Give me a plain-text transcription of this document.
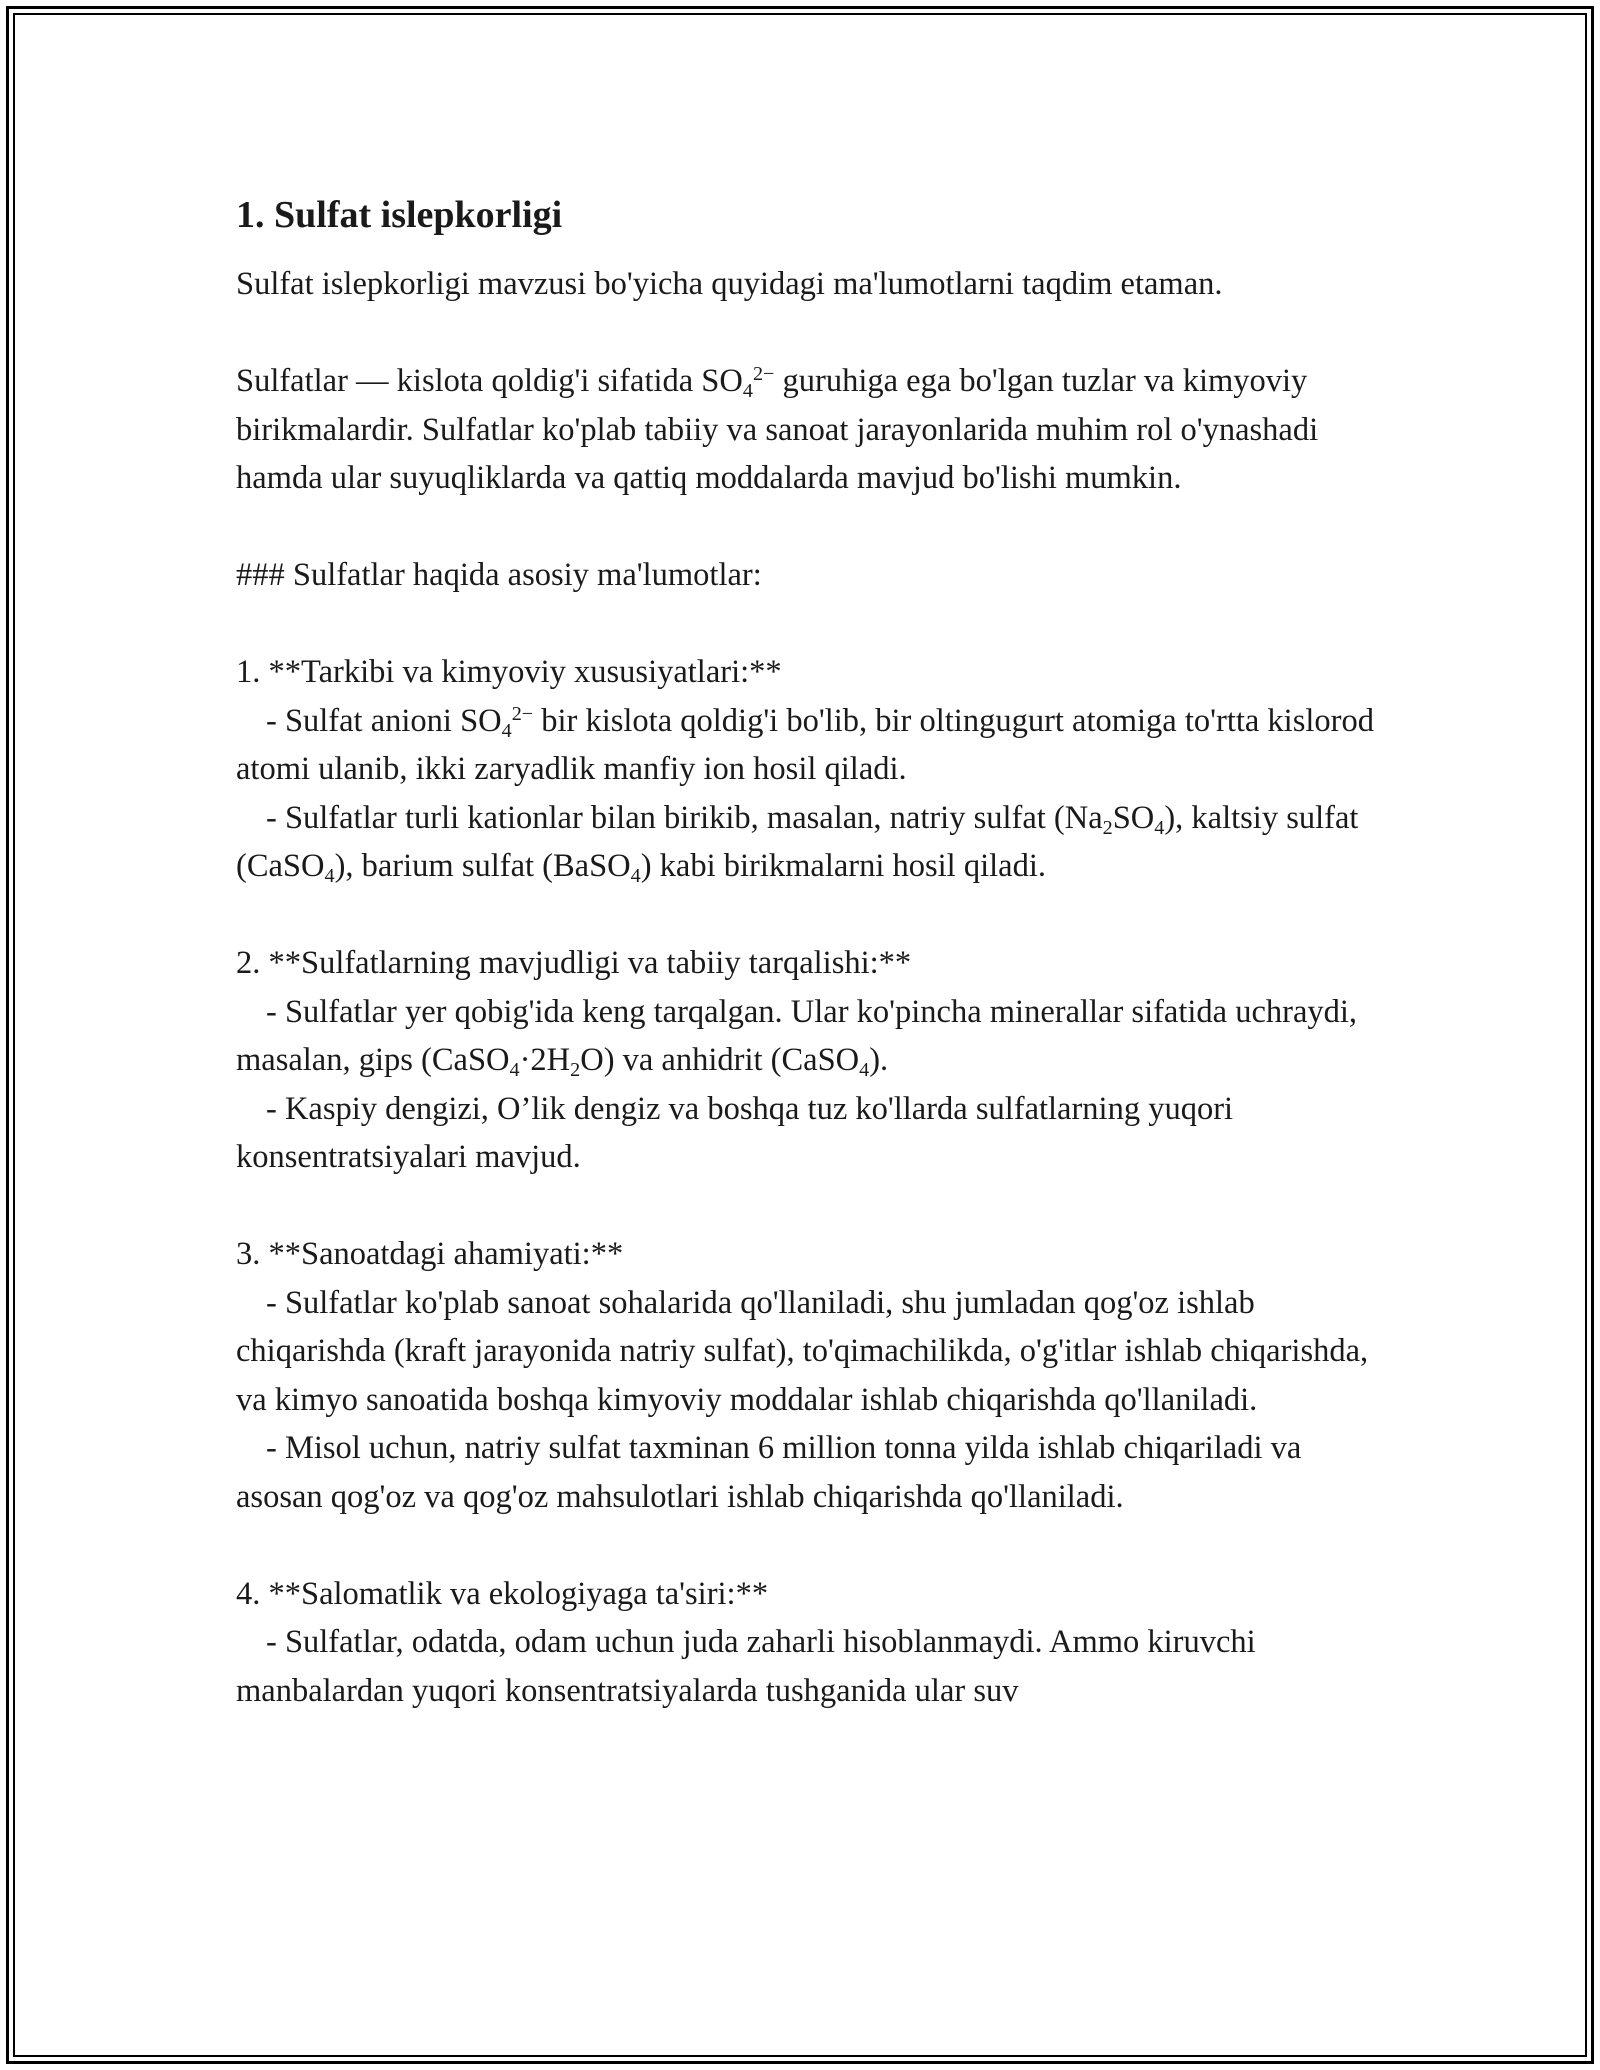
1. Sulfat islepkorligi

Sulfat islepkorligi mavzusi bo'yicha quyidagi ma'lumotlarni taqdim etaman.

Sulfatlar — kislota qoldig'i sifatida $SO_4^{2-}$ guruhiga ega bo'lgan tuzlar va kimyoviy birikmalardir. Sulfatlar ko'plab tabiiy va sanoat jarayonlarida muhim rol o'ynashadi hamda ular suyuqliklarda va qattiq moddalarda mavjud bo'lishi mumkin.

### Sulfatlar haqida asosiy ma'lumotlar:

1. **Tarkibi va kimyoviy xususiyatlari:**

- Sulfat anioni $SO_4^{2-}$ bir kislota qoldig'i bo'lib, bir oltingugurt atomiga to'rtta kislorod atomi ulanib, ikki zaryadlik manfiy ion hosil qiladi.

- Sulfatlar turli kationlar bilan birikib, masalan, natriy sulfat $(Na_2SO_4)$, kaltsiy sulfat (CaSO$_4$), barium sulfat (BaSO$_4$) kabi birikmalarni hosil qiladi.

2. **Sulfatlarning mavjudligi va tabiiy tarqalishi:**

- Sulfatlar yer qobig'ida keng tarqalgan. Ular ko'pincha minerallar sifatida uchraydi, masalan, gips $(CaSO_4\cdot 2H_2O)$ va anhidrit (CaSO$_4$).

- Kaspiy dengizi, O’lik dengiz va boshqa tuz ko'llarda sulfatlarning yuqori konsentratsiyalari mavjud.

3. **Sanoatdagi ahamiyati:**

- Sulfatlar ko'plab sanoat sohalarida qo'llaniladi, shu jumladan qog'oz ishlab chiqarishda (kraft jarayonida natriy sulfat), to'qimachilikda, o'g'itlar ishlab chiqarishda, va kimyo sanoatida boshqa kimyoviy moddalar ishlab chiqarishda qo'llaniladi.

- Misol uchun, natriy sulfat taxminan 6 million tonna yilda ishlab chiqariladi va asosan qog'oz va qog'oz mahsulotlari ishlab chiqarishda qo'llaniladi.

4. **Salomatlik va ekologiyaga ta'siri:**

- Sulfatlar, odatda, odam uchun juda zaharli hisoblanmaydi. Ammo kiruvchi manbalardan yuqori konsentratsiyalarda tushganida ular suv
